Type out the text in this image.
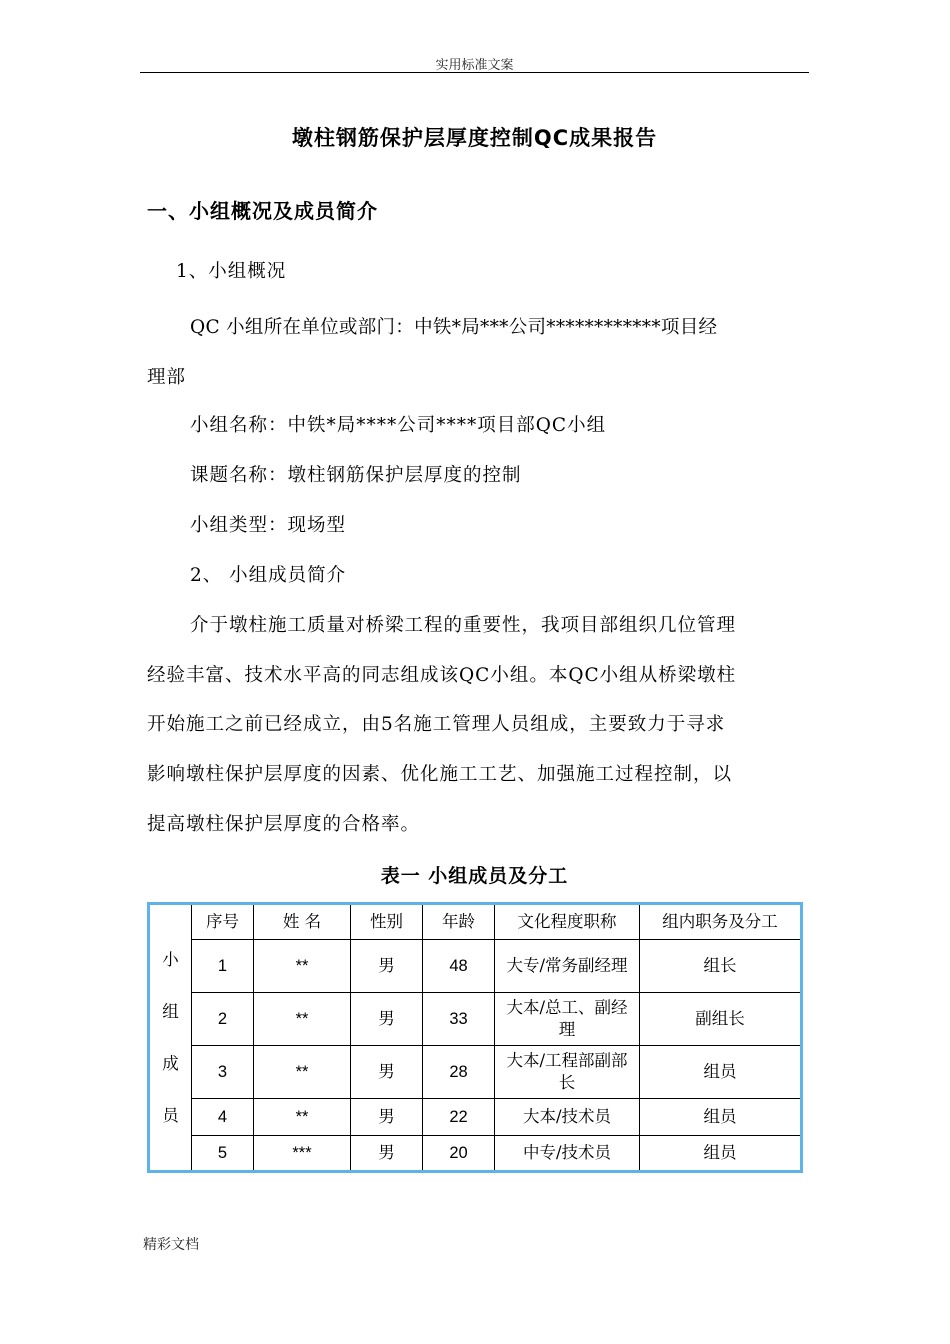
实用标准文案
墩柱钢筋保护层厚度控制QC成果报告
一、小组概况及成员简介
1、小组概况
QC 小组所在单位或部门：中铁*局***公司************项目经
理部
小组名称：中铁*局****公司****项目部QC小组
课题名称：墩柱钢筋保护层厚度的控制
小组类型：现场型
2、 小组成员简介
介于墩柱施工质量对桥梁工程的重要性，我项目部组织几位管理
经验丰富、技术水平高的同志组成该QC小组。本QC小组从桥梁墩柱
开始施工之前已经成立，由5名施工管理人员组成，主要致力于寻求
影响墩柱保护层厚度的因素、优化施工工艺、加强施工过程控制，以
提高墩柱保护层厚度的合格率。
表一 小组成员及分工
小
组
成
员	序号	姓 名	性别	年龄	文化程度职称	组内职务及分工
	1	**	男	48	大专/常务副经理	组长
	2	**	男	33	大本/总工、副经理	副组长
	3	**	男	28	大本/工程部副部长	组员
	4	**	男	22	大本/技术员	组员
	5	***	男	20	中专/技术员	组员
精彩文档
